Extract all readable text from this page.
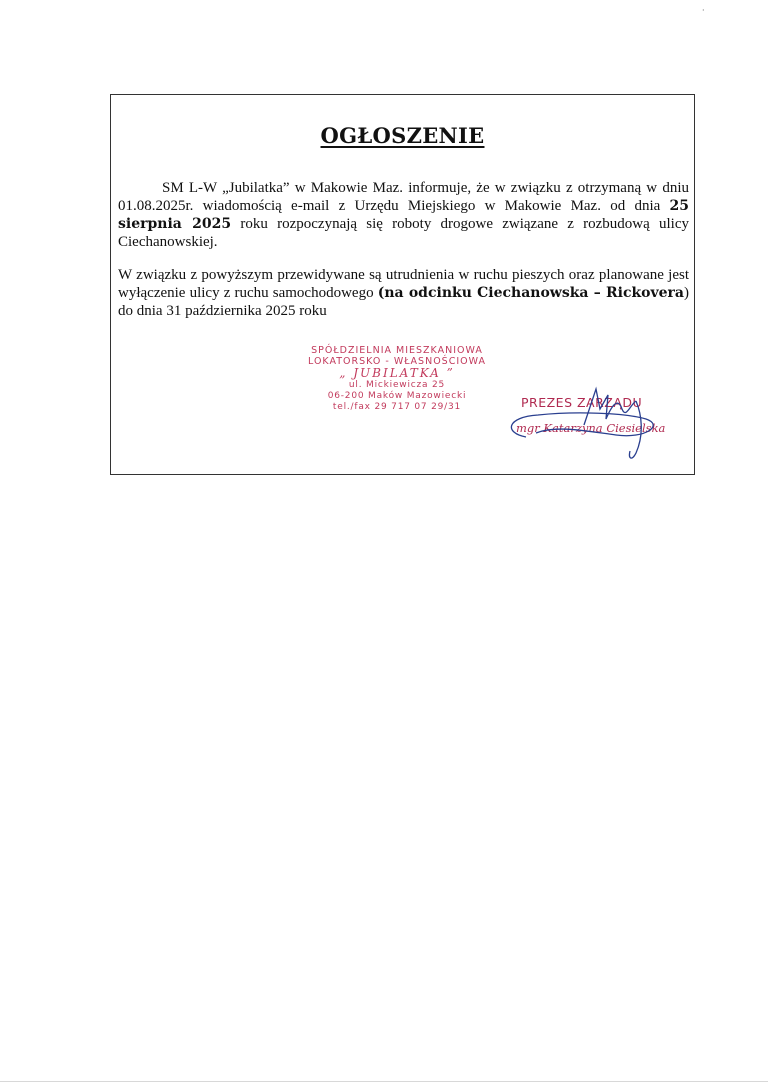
·
OGŁOSZENIE
SM L-W „Jubilatka” w Makowie Maz. informuje, że w związku z otrzymaną w dniu 01.08.2025r. wiadomością e-mail z Urzędu Miejskiego w Makowie Maz. od dnia 25 sierpnia 2025 roku rozpoczynają się roboty drogowe związane z rozbudową ulicy Ciechanowskiej.
W związku z powyższym przewidywane są utrudnienia w ruchu pieszych oraz planowane jest wyłączenie ulicy z ruchu samochodowego (na odcinku Ciechanowska – Rickovera) do dnia 31 października 2025 roku
SPÓŁDZIELNIA MIESZKANIOWA
LOKATORSKO - WŁASNOŚCIOWA
„ JUBILATKA ”
ul. Mickiewicza 25
06-200 Maków Mazowiecki
tel./fax 29 717 07 29/31	PREZES ZARZĄDU
mgr Katarzyna Ciesielska
